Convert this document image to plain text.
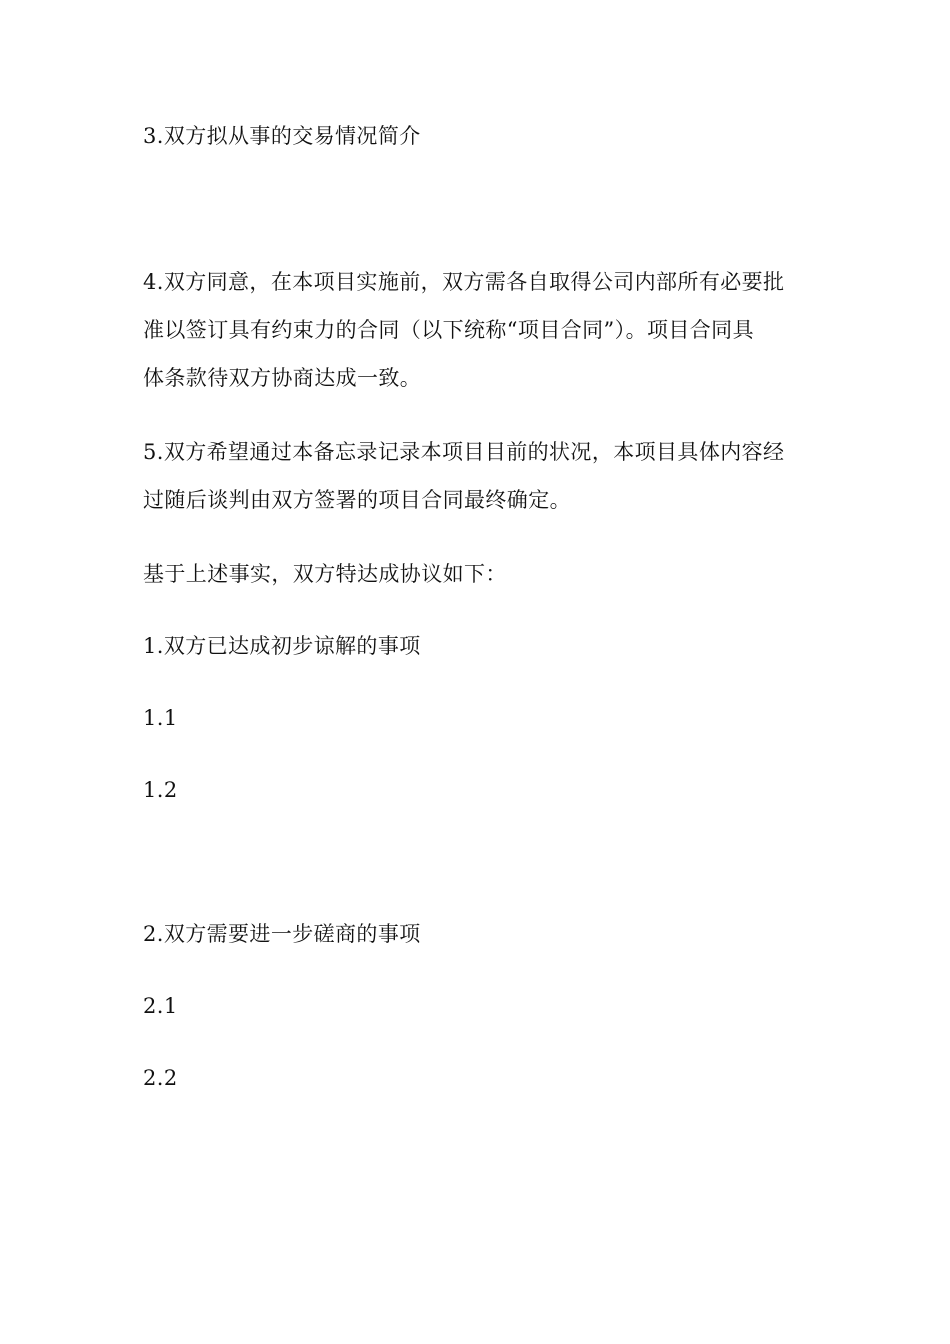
3.双方拟从事的交易情况简介
4.双方同意，在本项目实施前，双方需各自取得公司内部所有必要批
准以签订具有约束力的合同（以下统称“项目合同”）。项目合同具
体条款待双方协商达成一致。
5.双方希望通过本备忘录记录本项目目前的状况，本项目具体内容经
过随后谈判由双方签署的项目合同最终确定。
基于上述事实，双方特达成协议如下：
1.双方已达成初步谅解的事项
1.1
1.2
2.双方需要进一步磋商的事项
2.1
2.2
